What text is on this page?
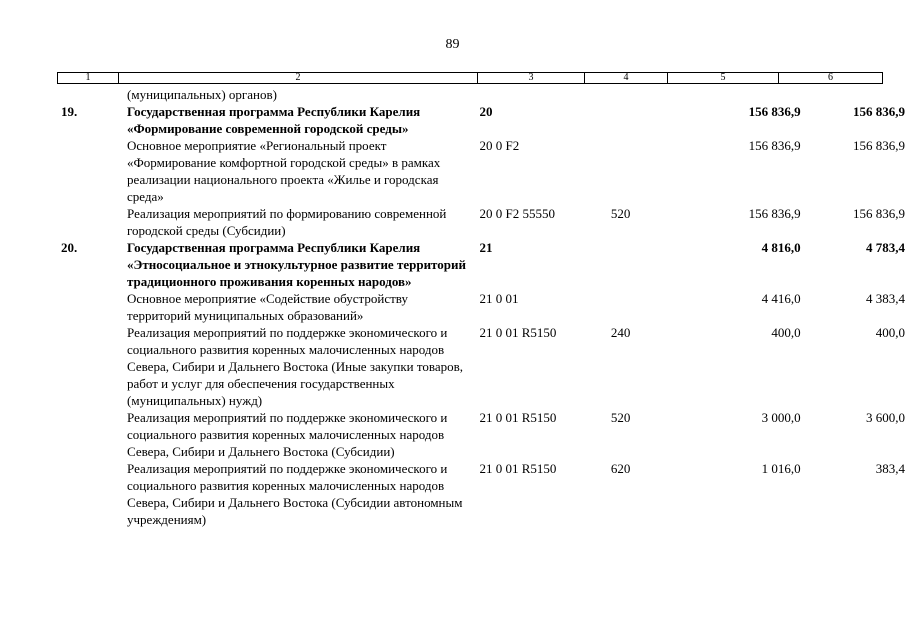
89
1	2	3	4	5	6
	(муниципальных) органов)				
19.	Государственная программа Республики Карелия «Формирование современной городской среды»	20		156 836,9	156 836,9
	Основное мероприятие «Региональный проект «Формирование комфортной городской среды» в рамках реализации национального проекта «Жилье и городская среда»	20 0 F2		156 836,9	156 836,9
	Реализация мероприятий по формированию современной городской среды (Субсидии)	20 0 F2 55550	520	156 836,9	156 836,9
20.	Государственная программа Республики Карелия «Этносоциальное и этнокультурное развитие территорий традиционного проживания коренных народов»	21		4 816,0	4 783,4
	Основное мероприятие «Содействие обустройству территорий муниципальных образований»	21 0 01		4 416,0	4 383,4
	Реализация мероприятий по поддержке экономического и социального развития коренных малочисленных народов Севера, Сибири и Дальнего Востока (Иные закупки товаров, работ и услуг для обеспечения государственных (муниципальных) нужд)	21 0 01 R5150	240	400,0	400,0
	Реализация мероприятий по поддержке экономического и социального развития коренных малочисленных народов Севера, Сибири и Дальнего Востока (Субсидии)	21 0 01 R5150	520	3 000,0	3 600,0
	Реализация мероприятий по поддержке экономического и социального развития коренных малочисленных народов Севера, Сибири и Дальнего Востока (Субсидии автономным учреждениям)	21 0 01 R5150	620	1 016,0	383,4
